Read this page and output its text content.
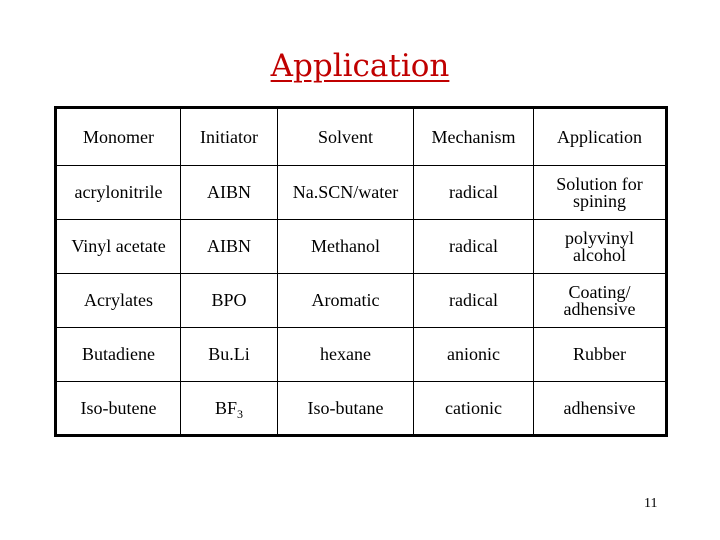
Application
Monomer	Initiator	Solvent	Mechanism	Application
acrylonitrile	AIBN	Na.SCN/water	radical	Solution for spining
Vinyl acetate	AIBN	Methanol	radical	polyvinyl alcohol
Acrylates	BPO	Aromatic	radical	Coating/ adhensive
Butadiene	Bu.Li	hexane	anionic	Rubber
Iso-butene	$BF_3$	Iso-butane	cationic	adhensive
11
